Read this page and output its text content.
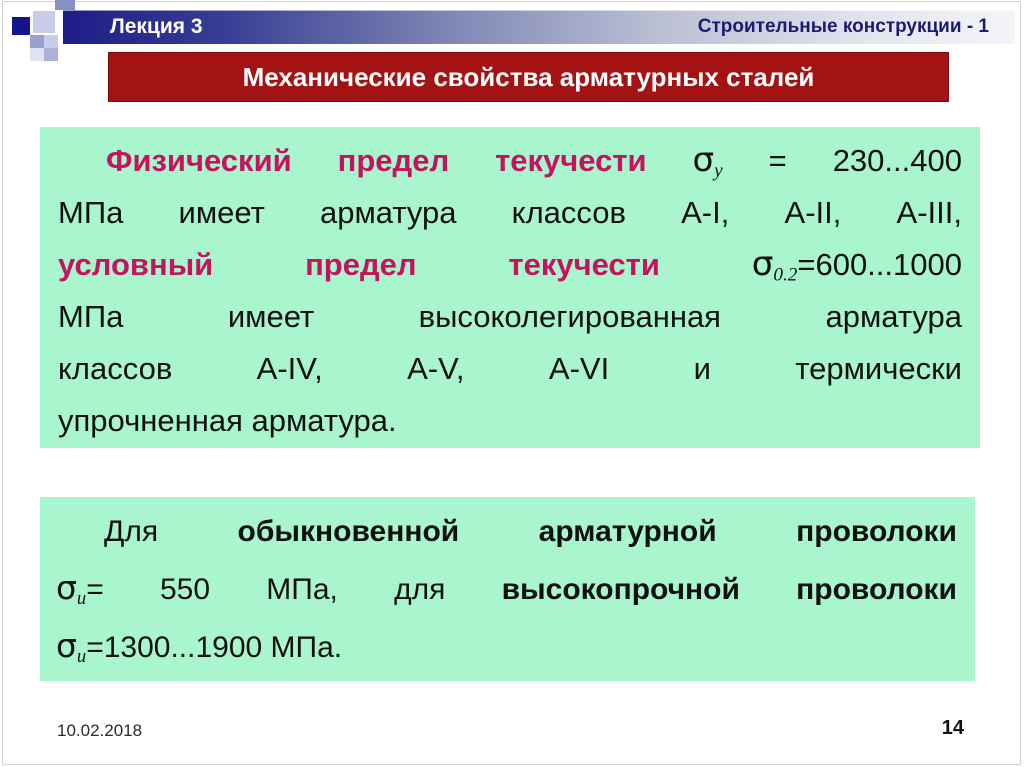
Лекция 3	Строительные конструкции - 1
Механические свойства арматурных сталей
Физический предел текучести $\sigma_y = 230...400$
МПа имеет арматура классов А-I, А-II, А-III,
условный предел текучести	$\sigma_{0.2}=600...1000$
МПа имеет высоколегированная арматура
классов А-IV, А-V, А-VI и термически
упрочненная арматура.
Для	обыкновенной арматурной проволоки
$\sigma_u= 550$ МПа, для высокопрочной проволоки
$\sigma_u=1300...1900$ МПа.
10.02.2018	14
